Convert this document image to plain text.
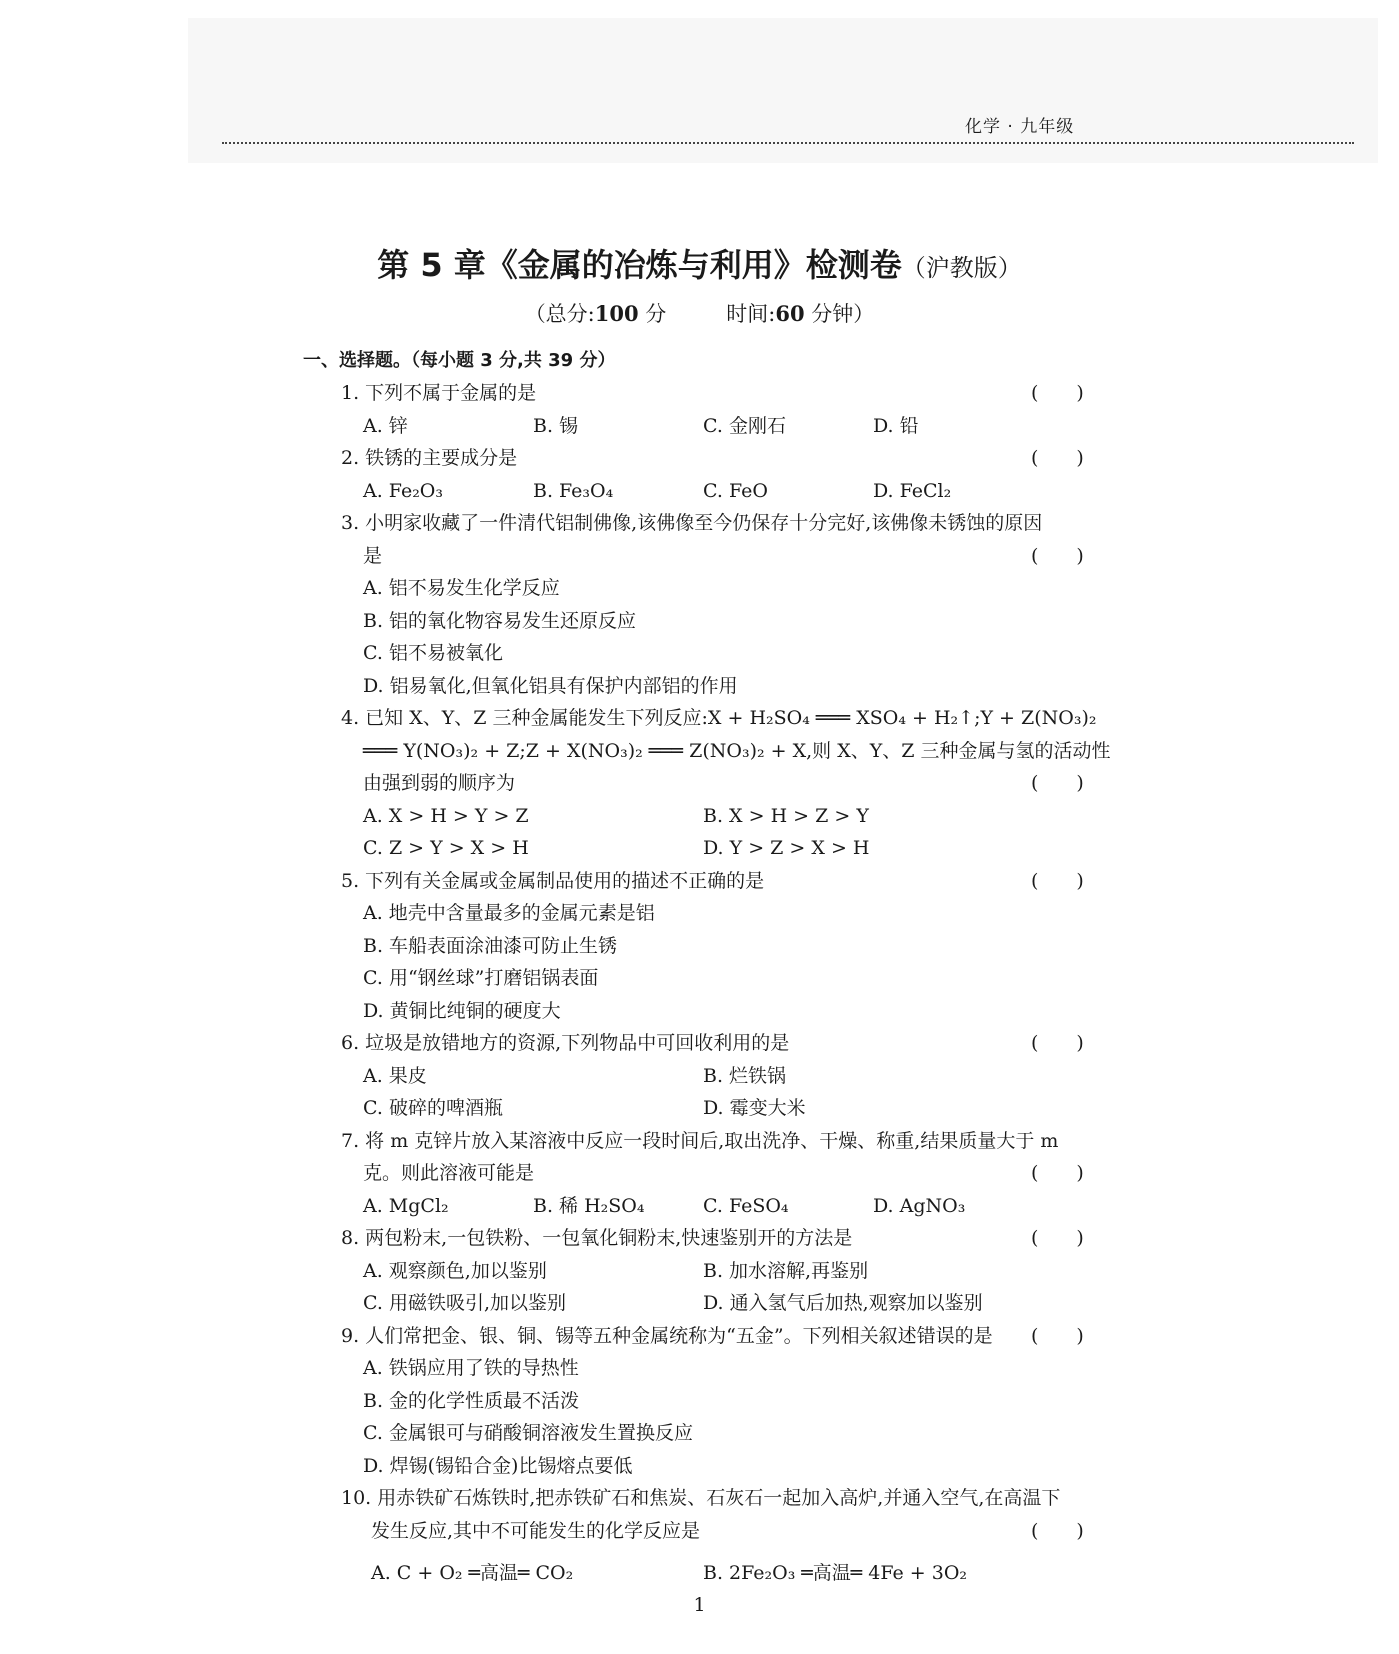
化学 · 九年级
第 5 章《金属的冶炼与利用》检测卷（沪教版）
（总分:100 分	时间:60 分钟）
一、选择题。（每小题 3 分,共 39 分）
1. 下列不属于金属的是	(　　)
A. 锌	B. 锡	C. 金刚石	D. 铅
2. 铁锈的主要成分是	(　　)
A. Fe₂O₃	B. Fe₃O₄	C. FeO	D. FeCl₂
3. 小明家收藏了一件清代铝制佛像,该佛像至今仍保存十分完好,该佛像未锈蚀的原因
是	(　　)
A. 铝不易发生化学反应
B. 铝的氧化物容易发生还原反应
C. 铝不易被氧化
D. 铝易氧化,但氧化铝具有保护内部铝的作用
4. 已知 X、Y、Z 三种金属能发生下列反应:X + H₂SO₄ ═══ XSO₄ + H₂↑;Y + Z(NO₃)₂
═══ Y(NO₃)₂ + Z;Z + X(NO₃)₂ ═══ Z(NO₃)₂ + X,则 X、Y、Z 三种金属与氢的活动性
由强到弱的顺序为	(　　)
A. X > H > Y > Z	B. X > H > Z > Y
C. Z > Y > X > H	D. Y > Z > X > H
5. 下列有关金属或金属制品使用的描述不正确的是	(　　)
A. 地壳中含量最多的金属元素是铝
B. 车船表面涂油漆可防止生锈
C. 用“钢丝球”打磨铝锅表面
D. 黄铜比纯铜的硬度大
6. 垃圾是放错地方的资源,下列物品中可回收利用的是	(　　)
A. 果皮	B. 烂铁锅
C. 破碎的啤酒瓶	D. 霉变大米
7. 将 m 克锌片放入某溶液中反应一段时间后,取出洗净、干燥、称重,结果质量大于 m
克。则此溶液可能是	(　　)
A. MgCl₂	B. 稀 H₂SO₄	C. FeSO₄	D. AgNO₃
8. 两包粉末,一包铁粉、一包氧化铜粉末,快速鉴别开的方法是	(　　)
A. 观察颜色,加以鉴别	B. 加水溶解,再鉴别
C. 用磁铁吸引,加以鉴别	D. 通入氢气后加热,观察加以鉴别
9. 人们常把金、银、铜、锡等五种金属统称为“五金”。下列相关叙述错误的是 (　　)
A. 铁锅应用了铁的导热性
B. 金的化学性质最不活泼
C. 金属银可与硝酸铜溶液发生置换反应
D. 焊锡(锡铅合金)比锡熔点要低
10. 用赤铁矿石炼铁时,把赤铁矿石和焦炭、石灰石一起加入高炉,并通入空气,在高温下
发生反应,其中不可能发生的化学反应是	(　　)
A. C + O₂ ═高温═ CO₂	B. 2Fe₂O₃ ═高温═ 4Fe + 3O₂
1
